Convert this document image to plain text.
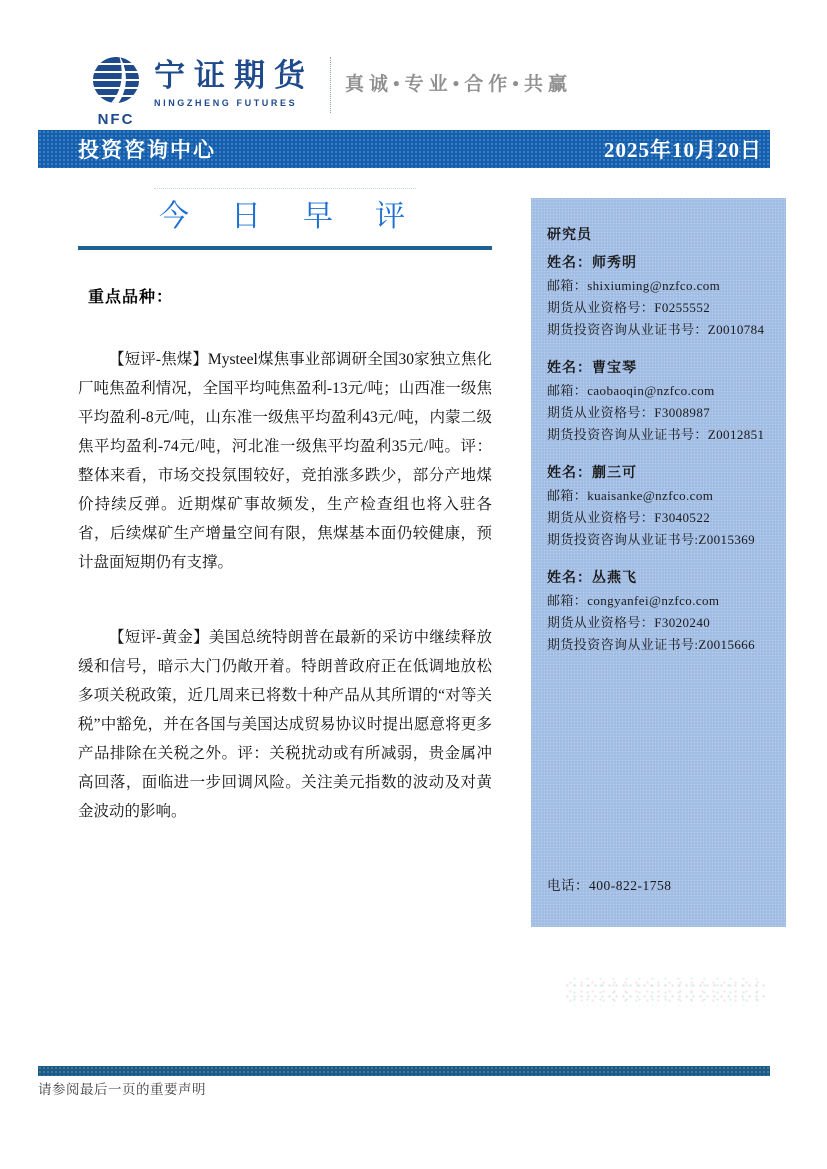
NFC
宁证期货
NINGZHENG FUTURES
真诚•专业•合作•共赢
投资咨询中心	2025年10月20日
今　日　早　评
重点品种：

【短评-焦煤】Mysteel煤焦事业部调研全国30家独立焦化厂吨焦盈利情况，全国平均吨焦盈利-13元/吨；山西准一级焦平均盈利-8元/吨，山东准一级焦平均盈利43元/吨，内蒙二级焦平均盈利-74元/吨，河北准一级焦平均盈利35元/吨。评：整体来看，市场交投氛围较好，竞拍涨多跌少，部分产地煤价持续反弹。近期煤矿事故频发，生产检查组也将入驻各省，后续煤矿生产增量空间有限，焦煤基本面仍较健康，预计盘面短期仍有支撑。

【短评-黄金】美国总统特朗普在最新的采访中继续释放缓和信号，暗示大门仍敞开着。特朗普政府正在低调地放松多项关税政策，近几周来已将数十种产品从其所谓的“对等关税”中豁免，并在各国与美国达成贸易协议时提出愿意将更多产品排除在关税之外。评：关税扰动或有所减弱，贵金属冲高回落，面临进一步回调风险。关注美元指数的波动及对黄金波动的影响。

研究员
姓名：师秀明
邮箱：shixiuming@nzfco.com
期货从业资格号：F0255552
期货投资咨询从业证书号：Z0010784
姓名：曹宝琴
邮箱：caobaoqin@nzfco.com
期货从业资格号：F3008987
期货投资咨询从业证书号：Z0012851
姓名：蒯三可
邮箱：kuaisanke@nzfco.com
期货从业资格号：F3040522
期货投资咨询从业证书号:Z0015369
姓名：丛燕飞
邮箱：congyanfei@nzfco.com
期货从业资格号：F3020240
期货投资咨询从业证书号:Z0015666
电话：400-822-1758
请参阅最后一页的重要声明
